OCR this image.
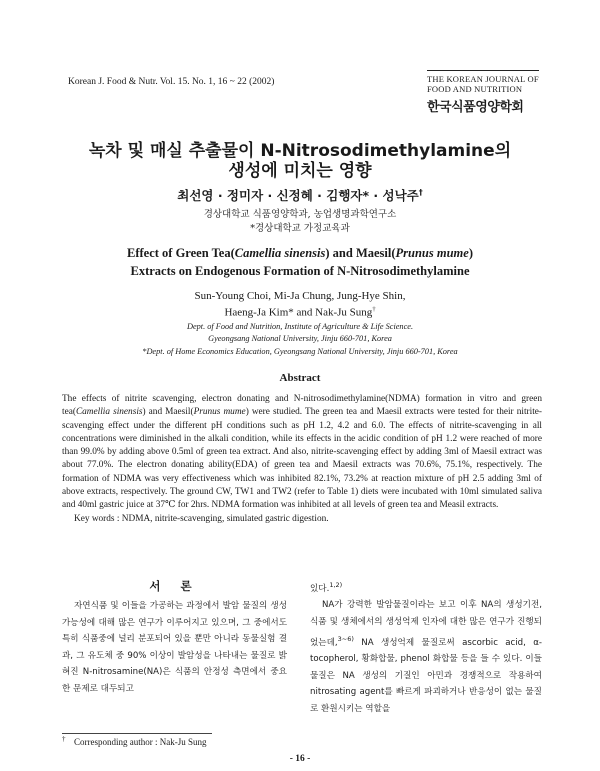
Korean J. Food & Nutr. Vol. 15. No. 1, 16 ~ 22 (2002)	THE KOREAN JOURNAL OF
FOOD AND NUTRITION
한국식품영양학회
녹차 및 매실 추출물이 N-Nitrosodimethylamine의
생성에 미치는 영향
최선영 · 정미자 · 신정혜 · 김행자* · 성낙주†
경상대학교 식품영양학과, 농업생명과학연구소
*경상대학교 가정교육과
Effect of Green Tea(Camellia sinensis) and Maesil(Prunus mume)
Extracts on Endogenous Formation of N-Nitrosodimethylamine
Sun-Young Choi, Mi-Ja Chung, Jung-Hye Shin,
Haeng-Ja Kim* and Nak-Ju Sung†
Dept. of Food and Nutrition, Institute of Agriculture & Life Science.
Gyeongsang National University, Jinju 660-701, Korea
*Dept. of Home Economics Education, Gyeongsang National University, Jinju 660-701, Korea
Abstract

The effects of nitrite scavenging, electron donating and N-nitrosodimethylamine(NDMA) formation in vitro and green tea(Camellia sinensis) and Maesil(Prunus mume) were studied. The green tea and Maesil extracts were tested for their nitrite-scavenging effect under the different pH conditions such as pH 1.2, 4.2 and 6.0. The effects of nitrite-scavenging in all concentrations were diminished in the alkali condition, while its effects in the acidic condition of pH 1.2 were reached of more than 99.0% by adding above 0.5ml of green tea extract. And also, nitrite-scavenging effect by adding 3ml of Maesil extract was about 77.0%. The electron donating ability(EDA) of green tea and Maesil extracts was 70.6%, 75.1%, respectively. The formation of NDMA was very effectiveness which was inhibited 82.1%, 73.2% at reaction mixture of pH 2.5 adding 3ml of above extracts, respectively. The ground CW, TW1 and TW2 (refer to Table 1) diets were incubated with 10ml simulated saliva and 40ml gastric juice at 37℃ for 2hrs. NDMA formation was inhibited at all levels of green tea and Measil extracts.

Key words : NDMA, nitrite-scavenging, simulated gastric digestion.

서 론

자연식품 및 이들을 가공하는 과정에서 발암 물질의 생성 가능성에 대해 많은 연구가 이루어지고 있으며, 그 중에서도 특히 식품중에 널리 분포되어 있을 뿐만 아니라 동물실험 결과, 그 유도체 중 90% 이상이 발암성을 나타내는 물질로 밝혀진 N-nitrosamine(NA)은 식품의 안정성 측면에서 중요한 문제로 대두되고

있다.$^{1,2)}$

NA가 강력한 발암물질이라는 보고 이후 NA의 생성기전, 식품 및 생체에서의 생성억제 인자에 대한 많은 연구가 진행되었는데,$^{3\sim 6)}$ NA 생성억제 물질로써 ascorbic acid, α-tocopherol, 황화합물, phenol 화합물 등을 들 수 있다. 이들 물질은 NA 생성의 기질인 아민과 경쟁적으로 작용하여 nitrosating agent를 빠르게 파괴하거나 반응성이 없는 물질로 환원시키는 역할을

† Corresponding author : Nak-Ju Sung
- 16 -
